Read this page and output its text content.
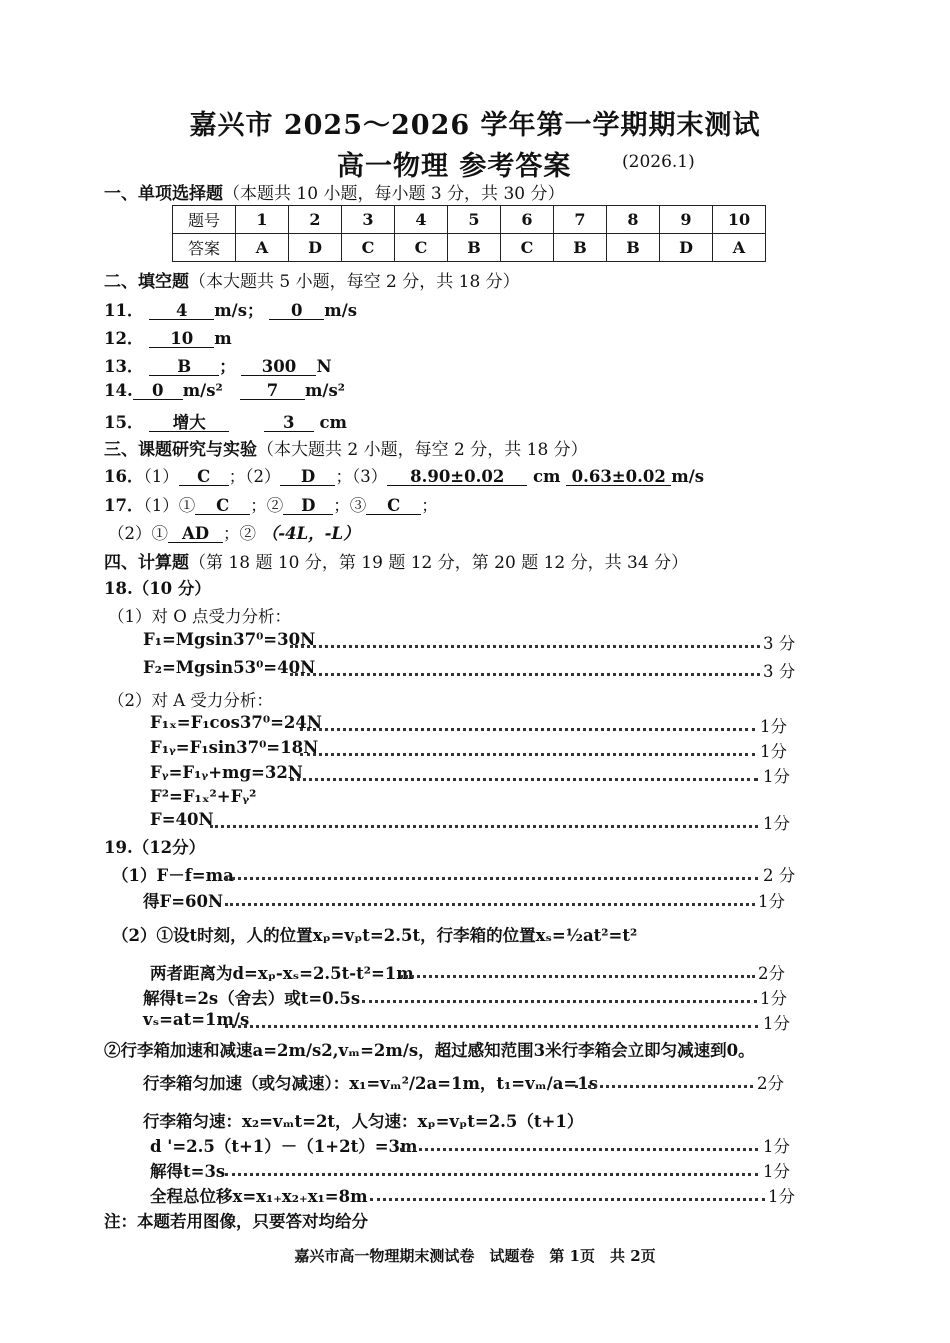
嘉兴市 2025～2026 学年第一学期期末测试
高一物理 参考答案	(2026.1)
一、单项选择题（本题共 10 小题，每小题 3 分，共 30 分）
题号	1	2	3	4	5	6	7	8	9	10
答案	A	D	C	C	B	C	B	B	D	A
二、填空题（本大题共 5 小题，每空 2 分，共 18 分）
11． 4 m/s； 0 m/s
12． 10 m
13． B ； 300 N
14. 0 m/s²	7 m/s²
15． 增大	3 cm
三、课题研究与实验（本大题共 2 小题，每空 2 分，共 18 分）
16．（1） C ；（2） D ；（3） 8.90±0.02 cm 0.63±0.02 m/s
17．（1）① C ；② D ；③ C ；
（2）① AD ；② （-4L，-L）
四、计算题（第 18 题 10 分，第 19 题 12 分，第 20 题 12 分，共 34 分）
18.（10 分）
（1）对 O 点受力分析：
F₁=Mgsin37⁰=30N	3 分
F₂=Mgsin53⁰=40N	3 分
（2）对 A 受力分析：
F₁ₓ=F₁cos37⁰=24N	1分
F₁ᵧ=F₁sin37⁰=18N	1分
Fᵧ=F₁ᵧ+mg=32N	1分
F²=F₁ₓ²+Fᵧ²
F=40N	1分
19.（12分）
（1）F－f=ma	2 分
得F=60N	1分
（2）①设t时刻，人的位置xₚ=vₚt=2.5t，行李箱的位置xₛ=½at²=t²
两者距离为d=xₚ-xₛ=2.5t-t²=1m	2分
解得t=2s（舍去）或t=0.5s	1分
vₛ=at=1m/s	1分
②行李箱加速和减速a=2m/s2,vₘ=2m/s，超过感知范围3米行李箱会立即匀减速到0。
行李箱匀加速（或匀减速）：x₁=vₘ²/2a=1m，t₁=vₘ/a=1s	2分
行李箱匀速：x₂=vₘt=2t，人匀速：xₚ=vₚt=2.5（t+1）
d '=2.5（t+1）－（1+2t）=3m	1分
解得t=3s	1分
全程总位移x=x₁₊x₂₊x₁=8m	1分
注：本题若用图像，只要答对均给分
嘉兴市高一物理期末测试卷　试题卷　第 1页　共 2页
